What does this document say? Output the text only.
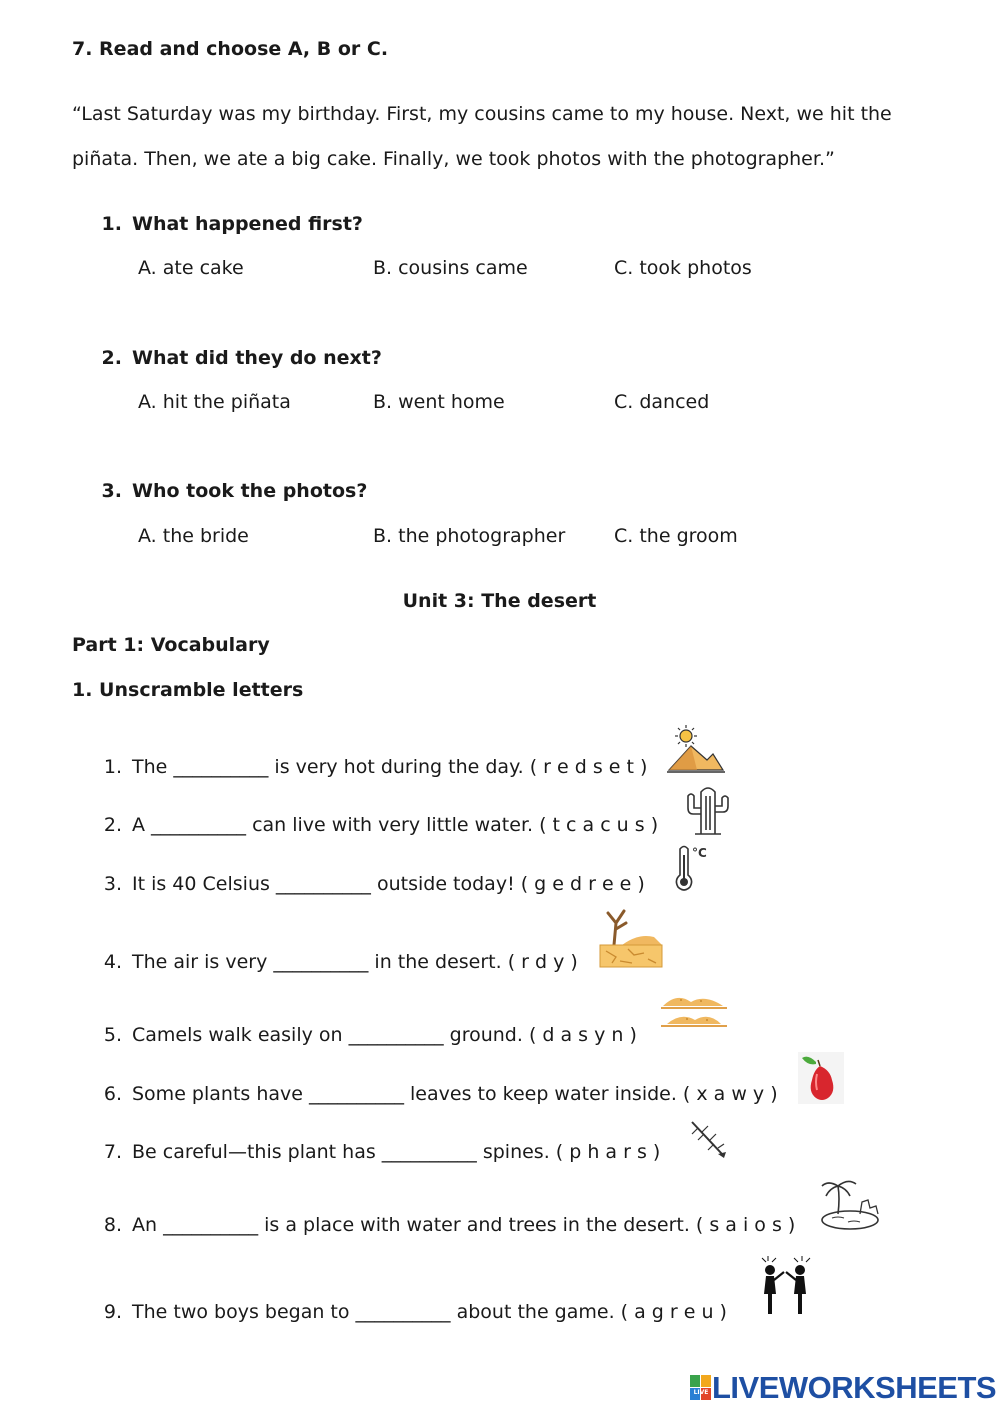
7. Read and choose A, B or C.
“Last Saturday was my birthday. First, my cousins came to my house. Next, we hit the
piñata. Then, we ate a big cake. Finally, we took photos with the photographer.”
1. What happened first?
A. ate cake	B. cousins came	C. took photos
2. What did they do next?
A. hit the piñata	B. went home	C. danced
3. Who took the photos?
A. the bride	B. the photographer	C. the groom
Unit 3: The desert
Part 1: Vocabulary
1. Unscramble letters
1. The __________ is very hot during the day. ( r e d s e t )
2. A __________ can live with very little water. ( t c a c u s )
3. It is 40 Celsius __________ outside today! ( g e d r e e )
4. The air is very __________ in the desert. ( r d y )
5. Camels walk easily on __________ ground. ( d a s y n )
6. Some plants have __________ leaves to keep water inside. ( x a w y )
7. Be careful—this plant has __________ spines. ( p h a r s )
8. An __________ is a place with water and trees in the desert. ( s a i o s )
9. The two boys began to __________ about the game. ( a g r e u )
°C
LIVE LIVEWORKSHEETS
